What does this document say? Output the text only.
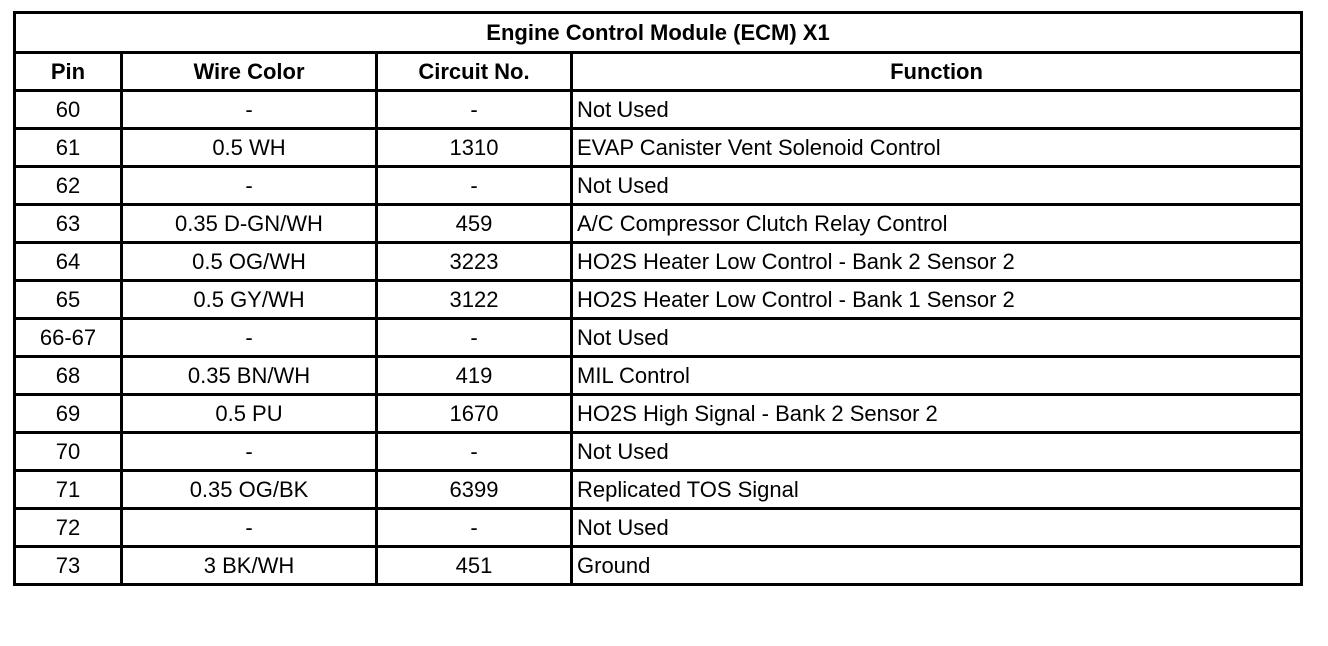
Engine Control Module (ECM) X1			
Pin	Wire Color	Circuit No.	Function
60	-	-	Not Used
61	0.5 WH	1310	EVAP Canister Vent Solenoid Control
62	-	-	Not Used
63	0.35 D-GN/WH	459	A/C Compressor Clutch Relay Control
64	0.5 OG/WH	3223	HO2S Heater Low Control - Bank 2 Sensor 2
65	0.5 GY/WH	3122	HO2S Heater Low Control - Bank 1 Sensor 2
66-67	-	-	Not Used
68	0.35 BN/WH	419	MIL Control
69	0.5 PU	1670	HO2S High Signal - Bank 2 Sensor 2
70	-	-	Not Used
71	0.35 OG/BK	6399	Replicated TOS Signal
72	-	-	Not Used
73	3 BK/WH	451	Ground
